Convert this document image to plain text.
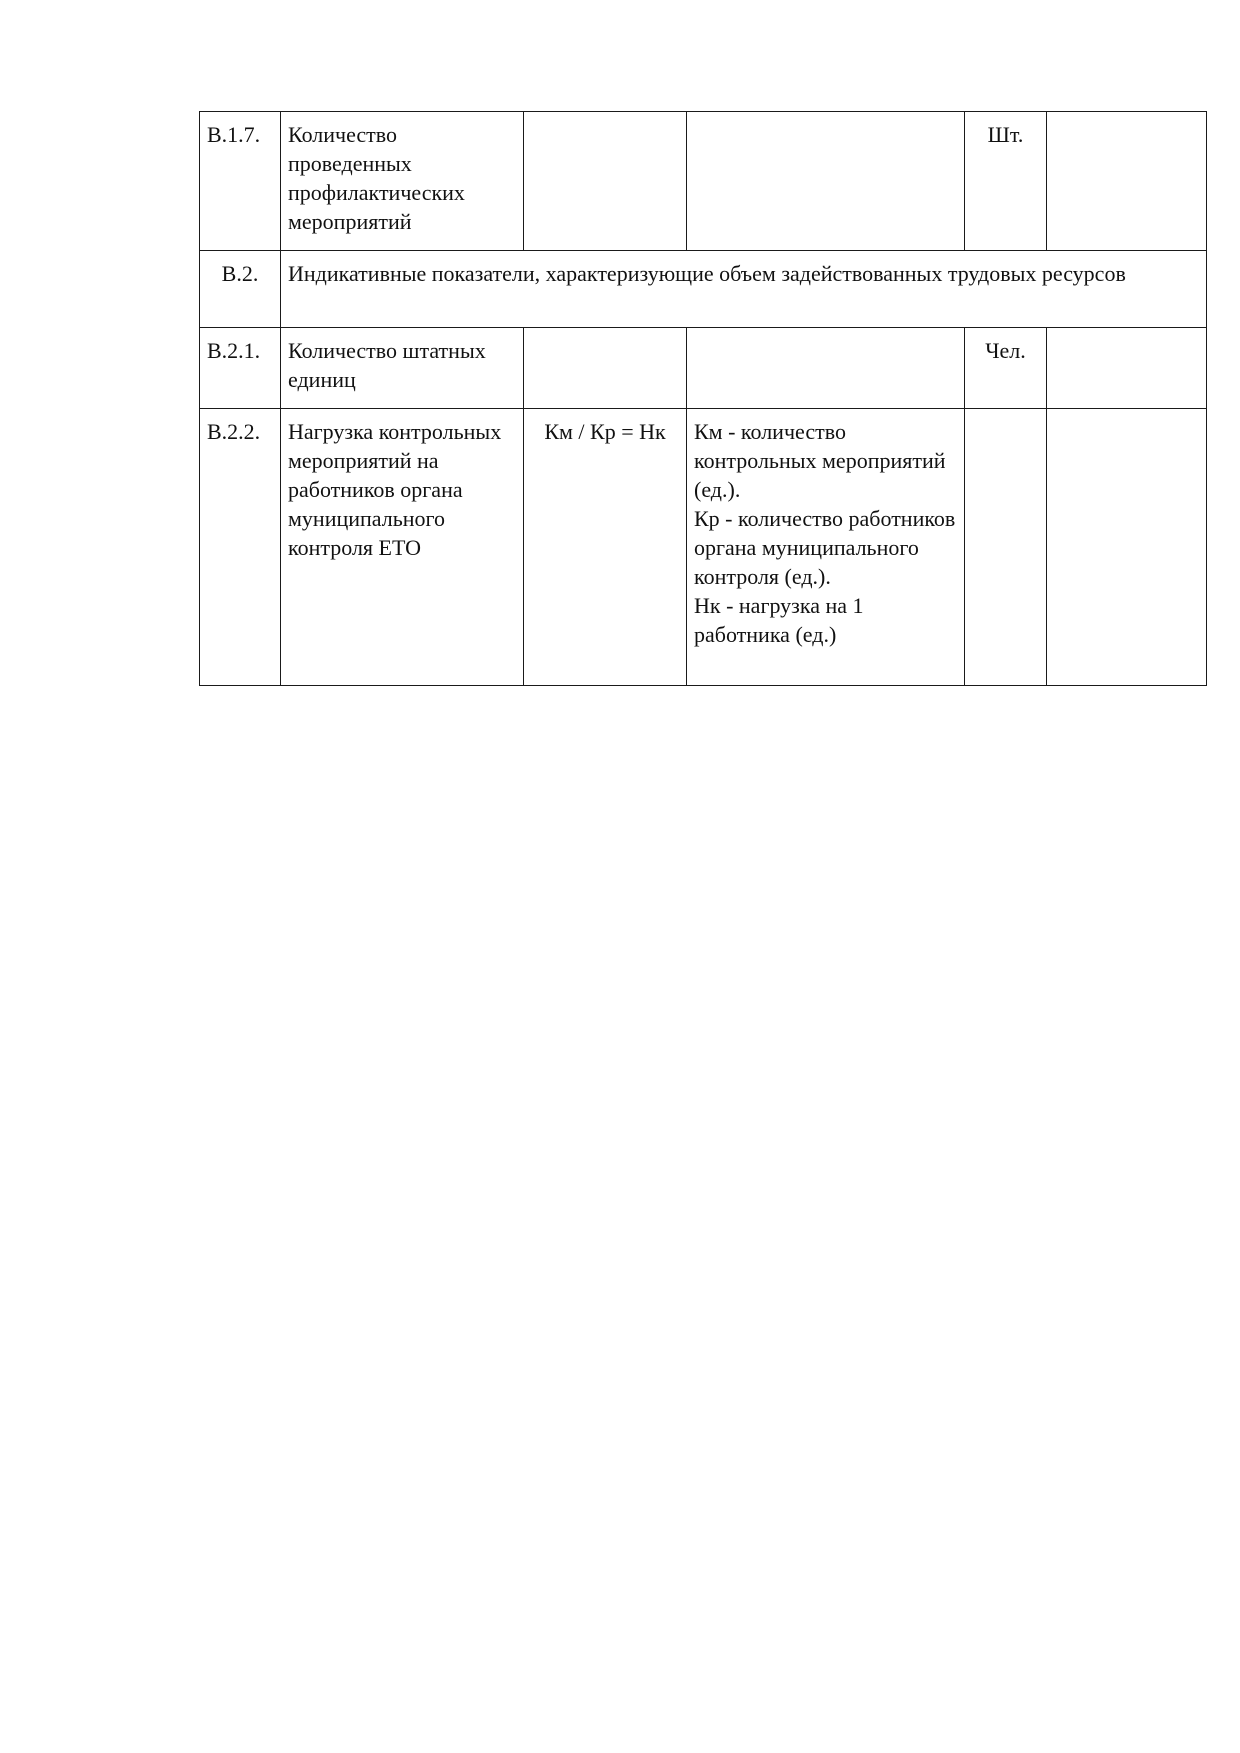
В.1.7.	Количество проведенных профилактических мероприятий			Шт.	
В.2.	Индикативные показатели, характеризующие объем задействованных трудовых ресурсов				
В.2.1.	Количество штатных единиц			Чел.	
В.2.2.	Нагрузка контрольных мероприятий на работников органа муниципального контроля ЕТО	Км / Кр = Нк	Км - количество контрольных мероприятий (ед.).
Кр - количество работников органа муниципального контроля (ед.).
Нк - нагрузка на 1 работника (ед.)		
